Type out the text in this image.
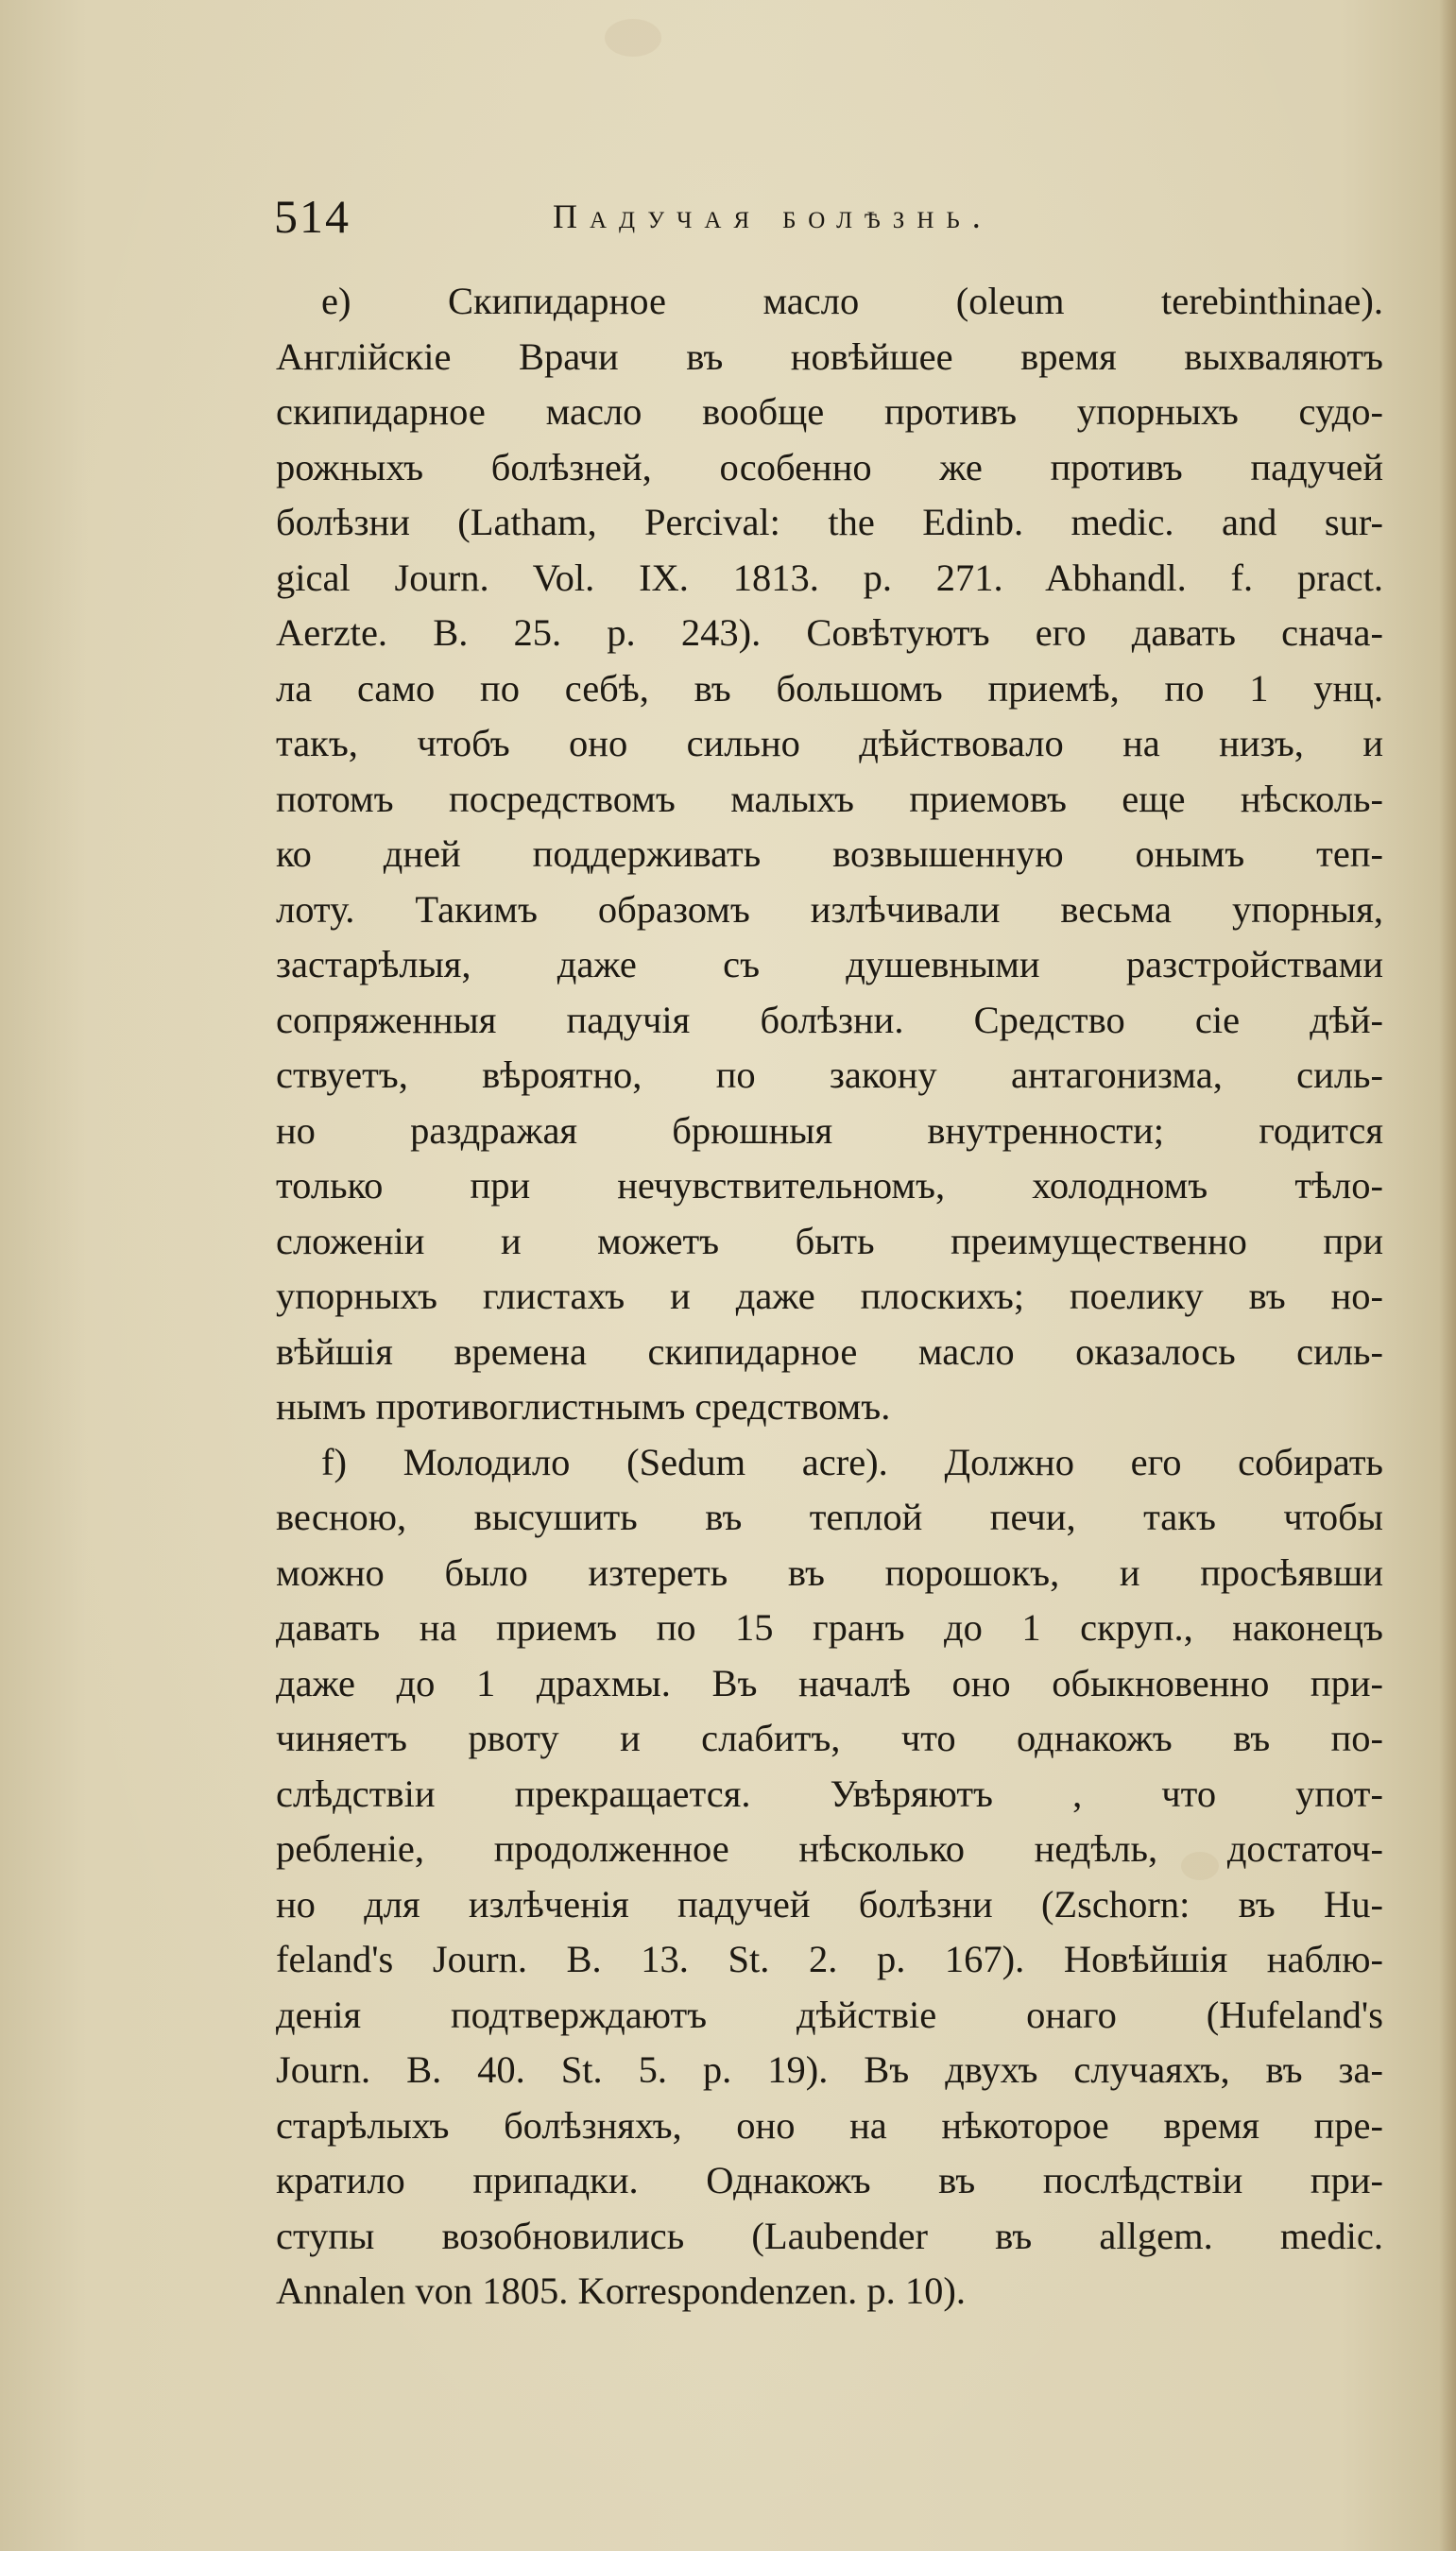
514	Падучая болѣзнь.
e) Скипидарное масло (oleum terebinthinae).
Англійскіе Врачи въ новѣйшее время выхваляютъ
скипидарное масло вообще противъ упорныхъ судо-
рожныхъ болѣзней, особенно же противъ падучей
болѣзни (Latham, Percival: the Edinb. medic. and sur-
gical Journ. Vol. IX. 1813. p. 271. Abhandl. f. pract.
Aerzte. B. 25. p. 243). Совѣтуютъ его давать снача-
ла само по себѣ, въ большомъ приемѣ, по 1 унц.
такъ, чтобъ оно сильно дѣйствовало на низъ, и
потомъ посредствомъ малыхъ приемовъ еще нѣсколь-
ко дней поддерживать возвышенную онымъ теп-
лоту. Такимъ образомъ излѣчивали весьма упорныя,
застарѣлыя, даже съ душевными разстройствами
сопряженныя падучія болѣзни. Средство сіе дѣй-
ствуетъ, вѣроятно, по закону антагонизма, силь-
но раздражая брюшныя внутренности; годится
только при нечувствительномъ, холодномъ тѣло-
сложеніи и можетъ быть преимущественно при
упорныхъ глистахъ и даже плоскихъ; поелику въ но-
вѣйшія времена скипидарное масло оказалось силь-
нымъ противоглистнымъ средствомъ.
f) Молодило (Sedum acre). Должно его собирать
весною, высушить въ теплой печи, такъ чтобы
можно было изтереть въ порошокъ, и просѣявши
давать на приемъ по 15 гранъ до 1 скруп., наконецъ
даже до 1 драхмы. Въ началѣ оно обыкновенно при-
чиняетъ рвоту и слабитъ, что однакожъ въ по-
слѣдствіи прекращается. Увѣряютъ , что упот-
ребленіе, продолженное нѣсколько недѣль, достаточ-
но для излѣченія падучей болѣзни (Zschorn: въ Hu-
feland's Journ. B. 13. St. 2. p. 167). Новѣйшія наблю-
денія подтверждаютъ дѣйствіе онаго (Hufeland's
Journ. B. 40. St. 5. p. 19). Въ двухъ случаяхъ, въ за-
старѣлыхъ болѣзняхъ, оно на нѣкоторое время пре-
кратило припадки. Однакожъ въ послѣдствіи при-
ступы возобновились (Laubender въ allgem. medic.
Annalen von 1805. Korrespondenzen. p. 10).
